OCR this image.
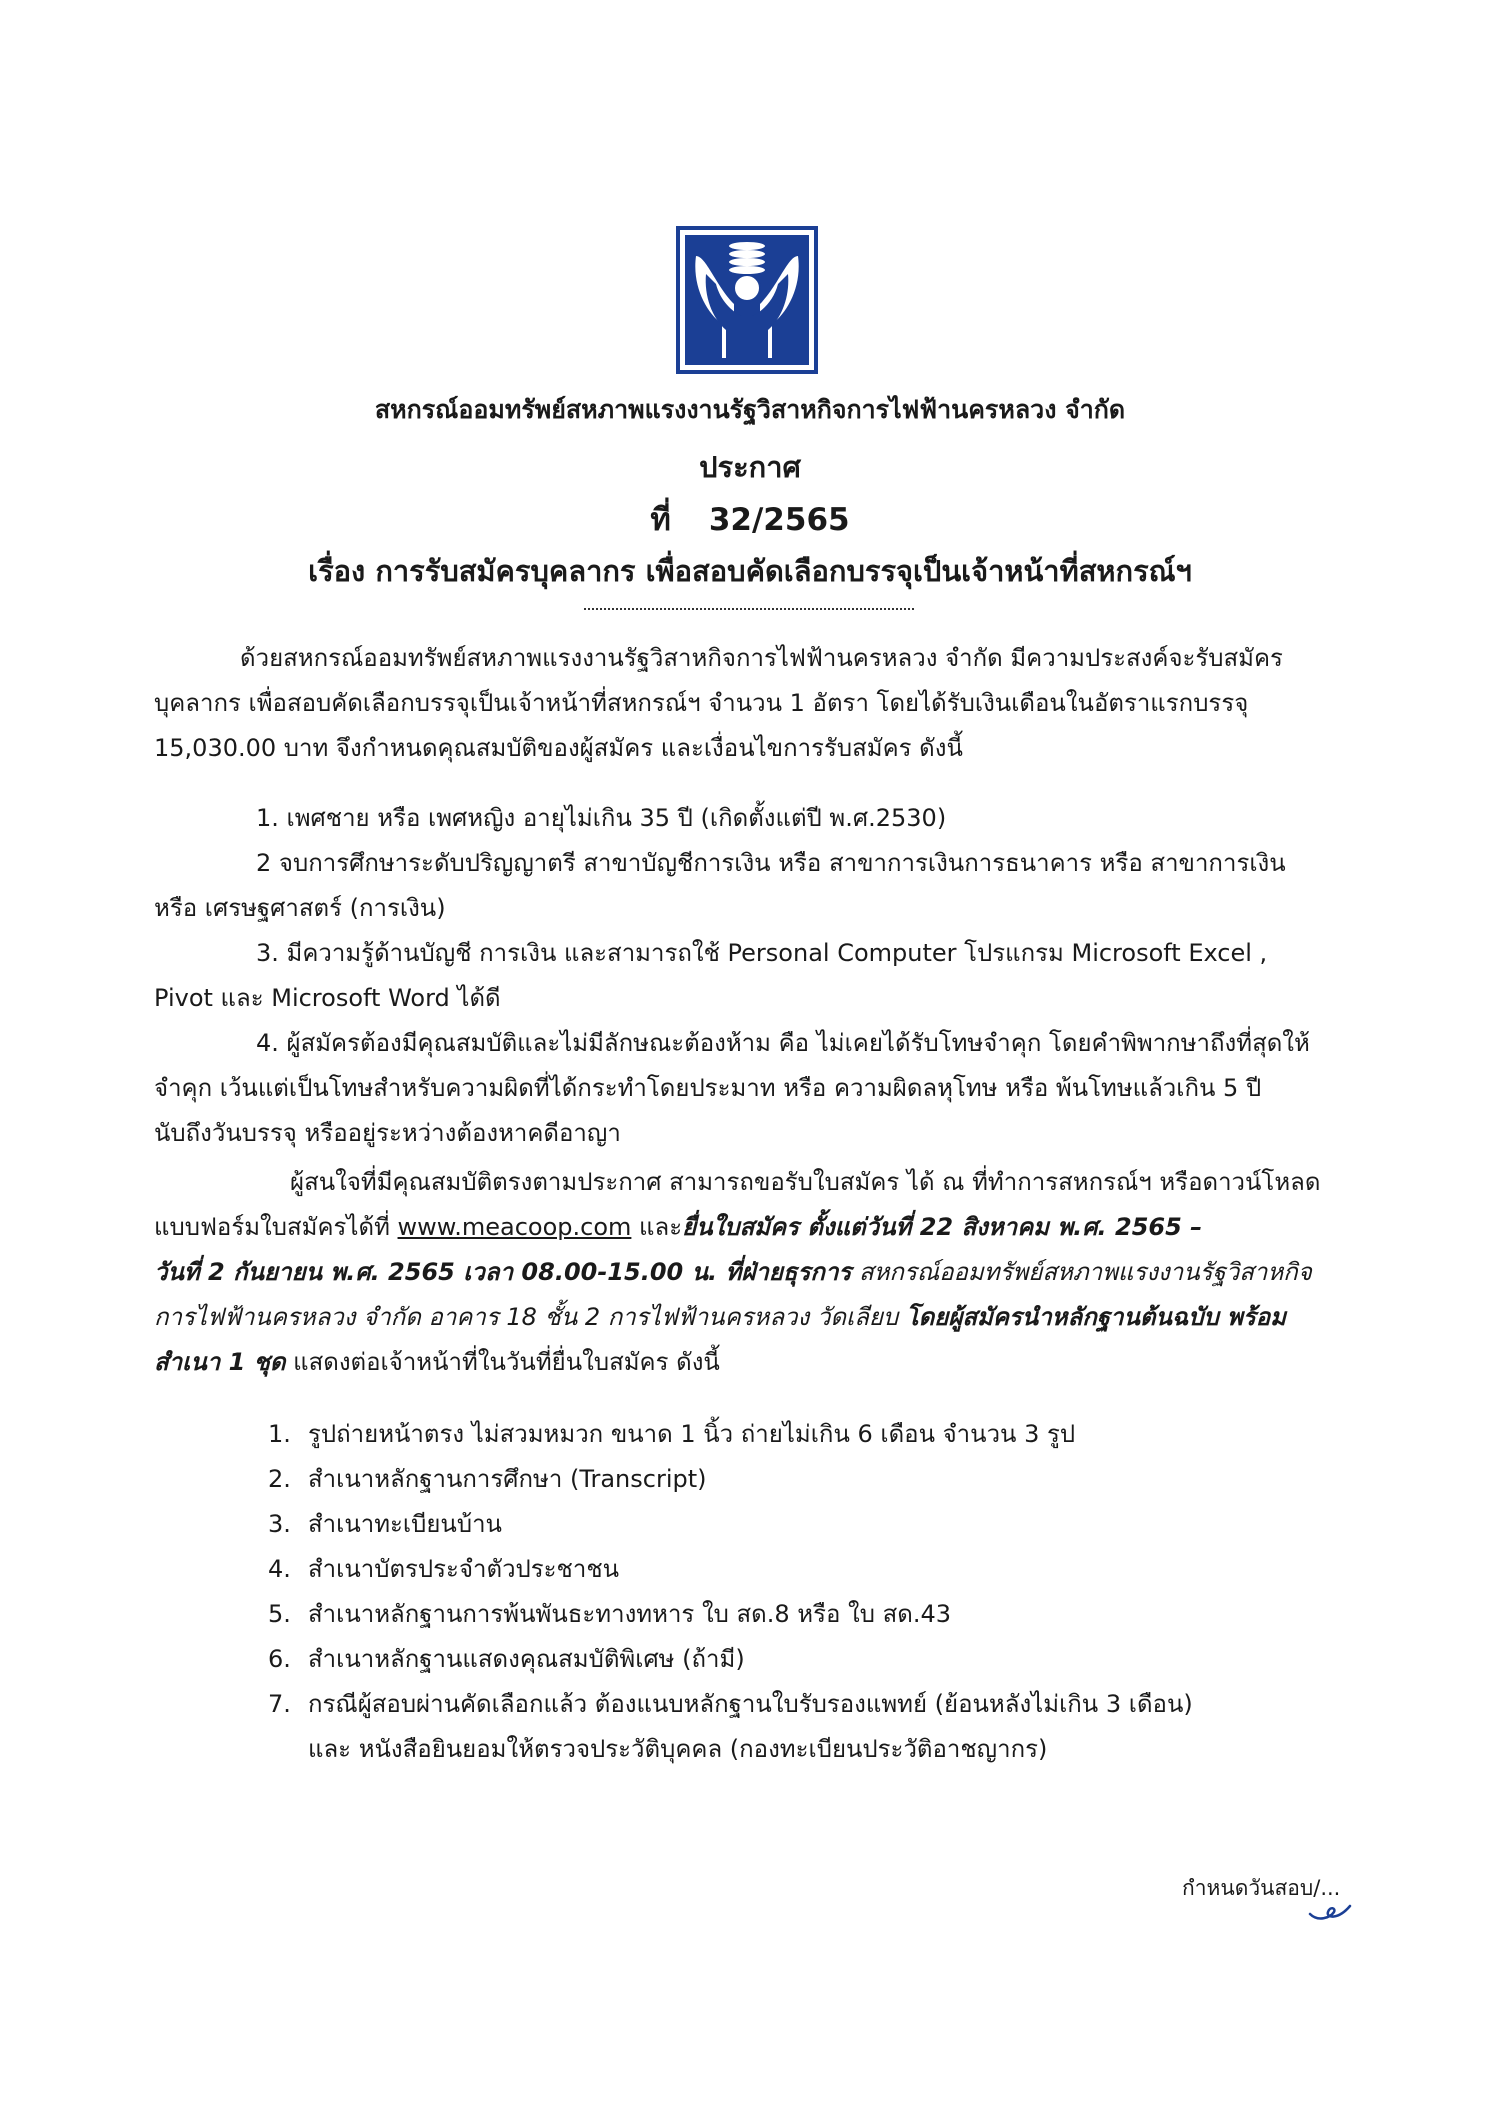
สหกรณ์ออมทรัพย์สหภาพแรงงานรัฐวิสาหกิจการไฟฟ้านครหลวง จำกัด
ประกาศ
ที่ 32/2565
เรื่อง การรับสมัครบุคลากร เพื่อสอบคัดเลือกบรรจุเป็นเจ้าหน้าที่สหกรณ์ฯ
ด้วยสหกรณ์ออมทรัพย์สหภาพแรงงานรัฐวิสาหกิจการไฟฟ้านครหลวง จำกัด มีความประสงค์จะรับสมัคร
บุคลากร เพื่อสอบคัดเลือกบรรจุเป็นเจ้าหน้าที่สหกรณ์ฯ จำนวน 1 อัตรา โดยได้รับเงินเดือนในอัตราแรกบรรจุ
15,030.00 บาท จึงกำหนดคุณสมบัติของผู้สมัคร และเงื่อนไขการรับสมัคร ดังนี้
1. เพศชาย หรือ เพศหญิง อายุไม่เกิน 35 ปี (เกิดตั้งแต่ปี พ.ศ.2530)
2 จบการศึกษาระดับปริญญาตรี สาขาบัญชีการเงิน หรือ สาขาการเงินการธนาคาร หรือ สาขาการเงิน
หรือ เศรษฐศาสตร์ (การเงิน)
3. มีความรู้ด้านบัญชี การเงิน และสามารถใช้ Personal Computer โปรแกรม Microsoft Excel ,
Pivot และ Microsoft Word ได้ดี
4. ผู้สมัครต้องมีคุณสมบัติและไม่มีลักษณะต้องห้าม คือ ไม่เคยได้รับโทษจำคุก โดยคำพิพากษาถึงที่สุดให้
จำคุก เว้นแต่เป็นโทษสำหรับความผิดที่ได้กระทำโดยประมาท หรือ ความผิดลหุโทษ หรือ พ้นโทษแล้วเกิน 5 ปี
นับถึงวันบรรจุ หรืออยู่ระหว่างต้องหาคดีอาญา
ผู้สนใจที่มีคุณสมบัติตรงตามประกาศ สามารถขอรับใบสมัคร ได้ ณ ที่ทำการสหกรณ์ฯ หรือดาวน์โหลด
แบบฟอร์มใบสมัครได้ที่ www.meacoop.com และยื่นใบสมัคร ตั้งแต่วันที่ 22 สิงหาคม พ.ศ. 2565 –
วันที่ 2 กันยายน พ.ศ. 2565 เวลา 08.00-15.00 น. ที่ฝ่ายธุรการ สหกรณ์ออมทรัพย์สหภาพแรงงานรัฐวิสาหกิจ
การไฟฟ้านครหลวง จำกัด อาคาร 18 ชั้น 2 การไฟฟ้านครหลวง วัดเลียบ โดยผู้สมัครนำหลักฐานต้นฉบับ พร้อม
สำเนา 1 ชุด แสดงต่อเจ้าหน้าที่ในวันที่ยื่นใบสมัคร ดังนี้
1. รูปถ่ายหน้าตรง ไม่สวมหมวก ขนาด 1 นิ้ว ถ่ายไม่เกิน 6 เดือน จำนวน 3 รูป
2. สำเนาหลักฐานการศึกษา (Transcript)
3. สำเนาทะเบียนบ้าน
4. สำเนาบัตรประจำตัวประชาชน
5. สำเนาหลักฐานการพ้นพันธะทางทหาร ใบ สด.8 หรือ ใบ สด.43
6. สำเนาหลักฐานแสดงคุณสมบัติพิเศษ (ถ้ามี)
7. กรณีผู้สอบผ่านคัดเลือกแล้ว ต้องแนบหลักฐานใบรับรองแพทย์ (ย้อนหลังไม่เกิน 3 เดือน)
และ หนังสือยินยอมให้ตรวจประวัติบุคคล (กองทะเบียนประวัติอาชญากร)
กำหนดวันสอบ/...
